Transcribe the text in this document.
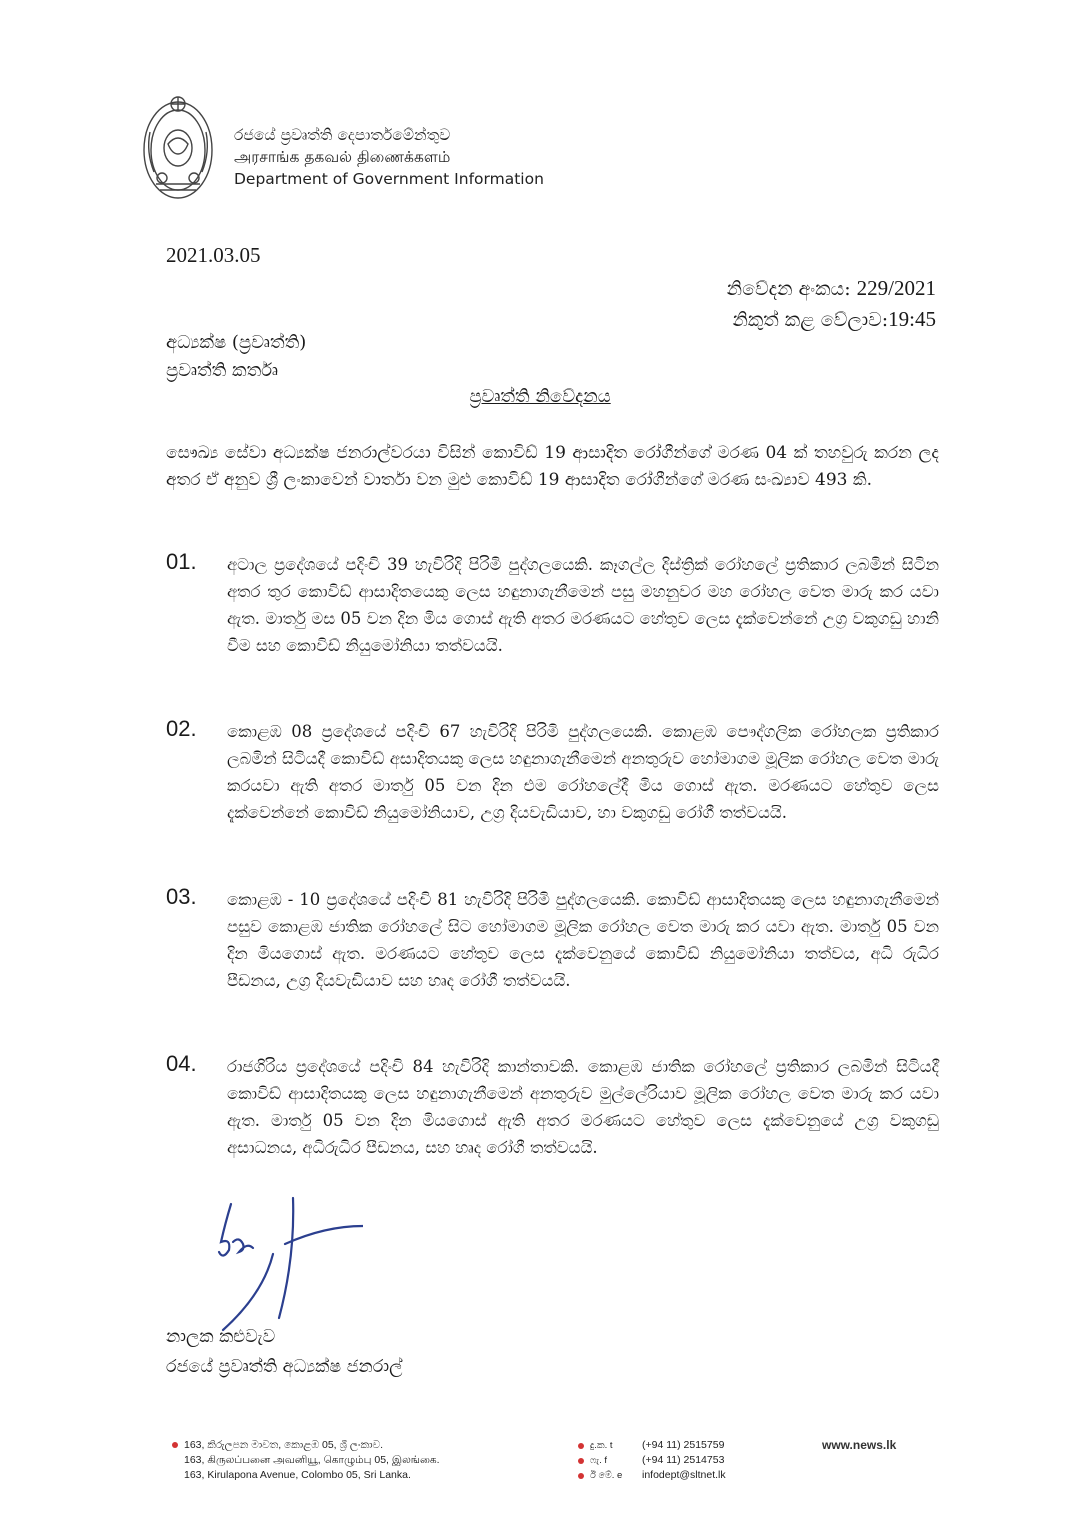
රජයේ ප්‍රවෘත්ති දෙපාර්තමේන්තුව
அரசாங்க தகவல் திணைக்களம்
Department of Government Information
2021.03.05
නිවේදන අංකය: 229/2021
නිකුත් කළ වේලාව:19:45
අධ්‍යක්ෂ (ප්‍රවෘත්ති)
ප්‍රවෘත්ති කර්තෘ
ප්‍රවෘත්ති නිවේදනය
සෞඛ්‍ය සේවා අධ්‍යක්ෂ ජනරාල්වරයා විසින් කොවිඩ් 19 ආසාදිත රෝගීන්ගේ මරණ 04 ක් තහවුරු කරන ලද අතර ඒ අනුව ශ්‍රී ලංකාවෙන් වාර්තා වන මුළු කොවිඩ් 19 ආසාදිත රෝගීන්ගේ මරණ සංඛ්‍යාව 493 කි.
01. අටාල ප්‍රදේශයේ පදිංචි 39 හැවිරිදි පිරිමි පුද්ගලයෙකි. කෑගල්ල දිස්ත්‍රික් රෝහලේ ප්‍රතිකාර ලබමින් සිටින අතර තුර කොවිඩ් ආසාදිතයෙකු ලෙස හඳුනාගැනීමෙන් පසු මහනුවර මහ රෝහල වෙත මාරු කර යවා ඇත. මාර්තු මස 05 වන දින මිය ගොස් ඇති අතර මරණයට හේතුව ලෙස දැක්වෙන්නේ උග්‍ර වකුගඩු හානි වීම සහ කොවිඩ් නියුමෝනියා තත්වයයි.
02. කොළඹ 08 ප්‍රදේශයේ පදිංචි 67 හැවිරිදි පිරිමි පුද්ගලයෙකි. කොළඹ පෞද්ගලික රෝහලක ප්‍රතිකාර ලබමින් සිටියදී කොවිඩ් අසාදිතයකු ලෙස හඳුනාගැනීමෙන් අනතුරුව හෝමාගම මූලික රෝහල වෙත මාරු කරයවා ඇති අතර මාර්තු 05 වන දින එම රෝහලේදී මිය ගොස් ඇත. මරණයට හේතුව ලෙස දැක්වෙන්නේ කොවිඩ් නියුමෝනියාව, උග්‍ර දියවැඩියාව, හා වකුගඩු රෝගී තත්වයයි.
03. කොළඹ - 10 ප්‍රදේශයේ පදිංචි 81 හැවිරිදි පිරිමි පුද්ගලයෙකි. කොවිඩ් ආසාදිතයකු ලෙස හඳුනාගැනීමෙන් පසුව කොළඹ ජාතික රෝහලේ සිට හෝමාගම මූලික රෝහල වෙත මාරු කර යවා ඇත. මාර්තු 05 වන දින මියගොස් ඇත. මරණයට හේතුව ලෙස දැක්වෙනුයේ කොවිඩ් නියුමෝනියා තත්වය, අධි රුධිර පීඩනය, උග්‍ර දියවැඩියාව සහ හෘද රෝගී තත්වයයි.
04. රාජගිරිය ප්‍රදේශයේ පදිංචි 84 හැවිරිදි කාන්තාවකි. කොළඹ ජාතික රෝහලේ ප්‍රතිකාර ලබමින් සිටියදී කොවිඩ් ආසාදිතයකු ලෙස හඳුනාගැනීමෙන් අනතුරුව මුල්ලේරියාව මූලික රෝහල වෙත මාරු කර යවා ඇත. මාර්තු 05 වන දින මියගොස් ඇති අතර මරණයට හේතුව ලෙස දැක්වෙනුයේ උග්‍ර වකුගඩු අසාධනය, අධිරුධිර පීඩනය, සහ හෘද රෝගී තත්වයයි.
නාලක කළුවැව
රජයේ ප්‍රවෘත්ති අධ්‍යක්ෂ ජනරාල්
163, කිරුලපන මාවත, කොළඹ 05, ශ්‍රී ලංකාව.
163, கிருலப்பனை அவனியூ, கொழும்பு 05, இலங்கை.
163, Kirulapona Avenue, Colombo 05, Sri Lanka.
දු.ක. t	(+94 11) 2515759
ෆැ. f	(+94 11) 2514753
ඊ මේ. e	infodept@sltnet.lk
www.news.lk
